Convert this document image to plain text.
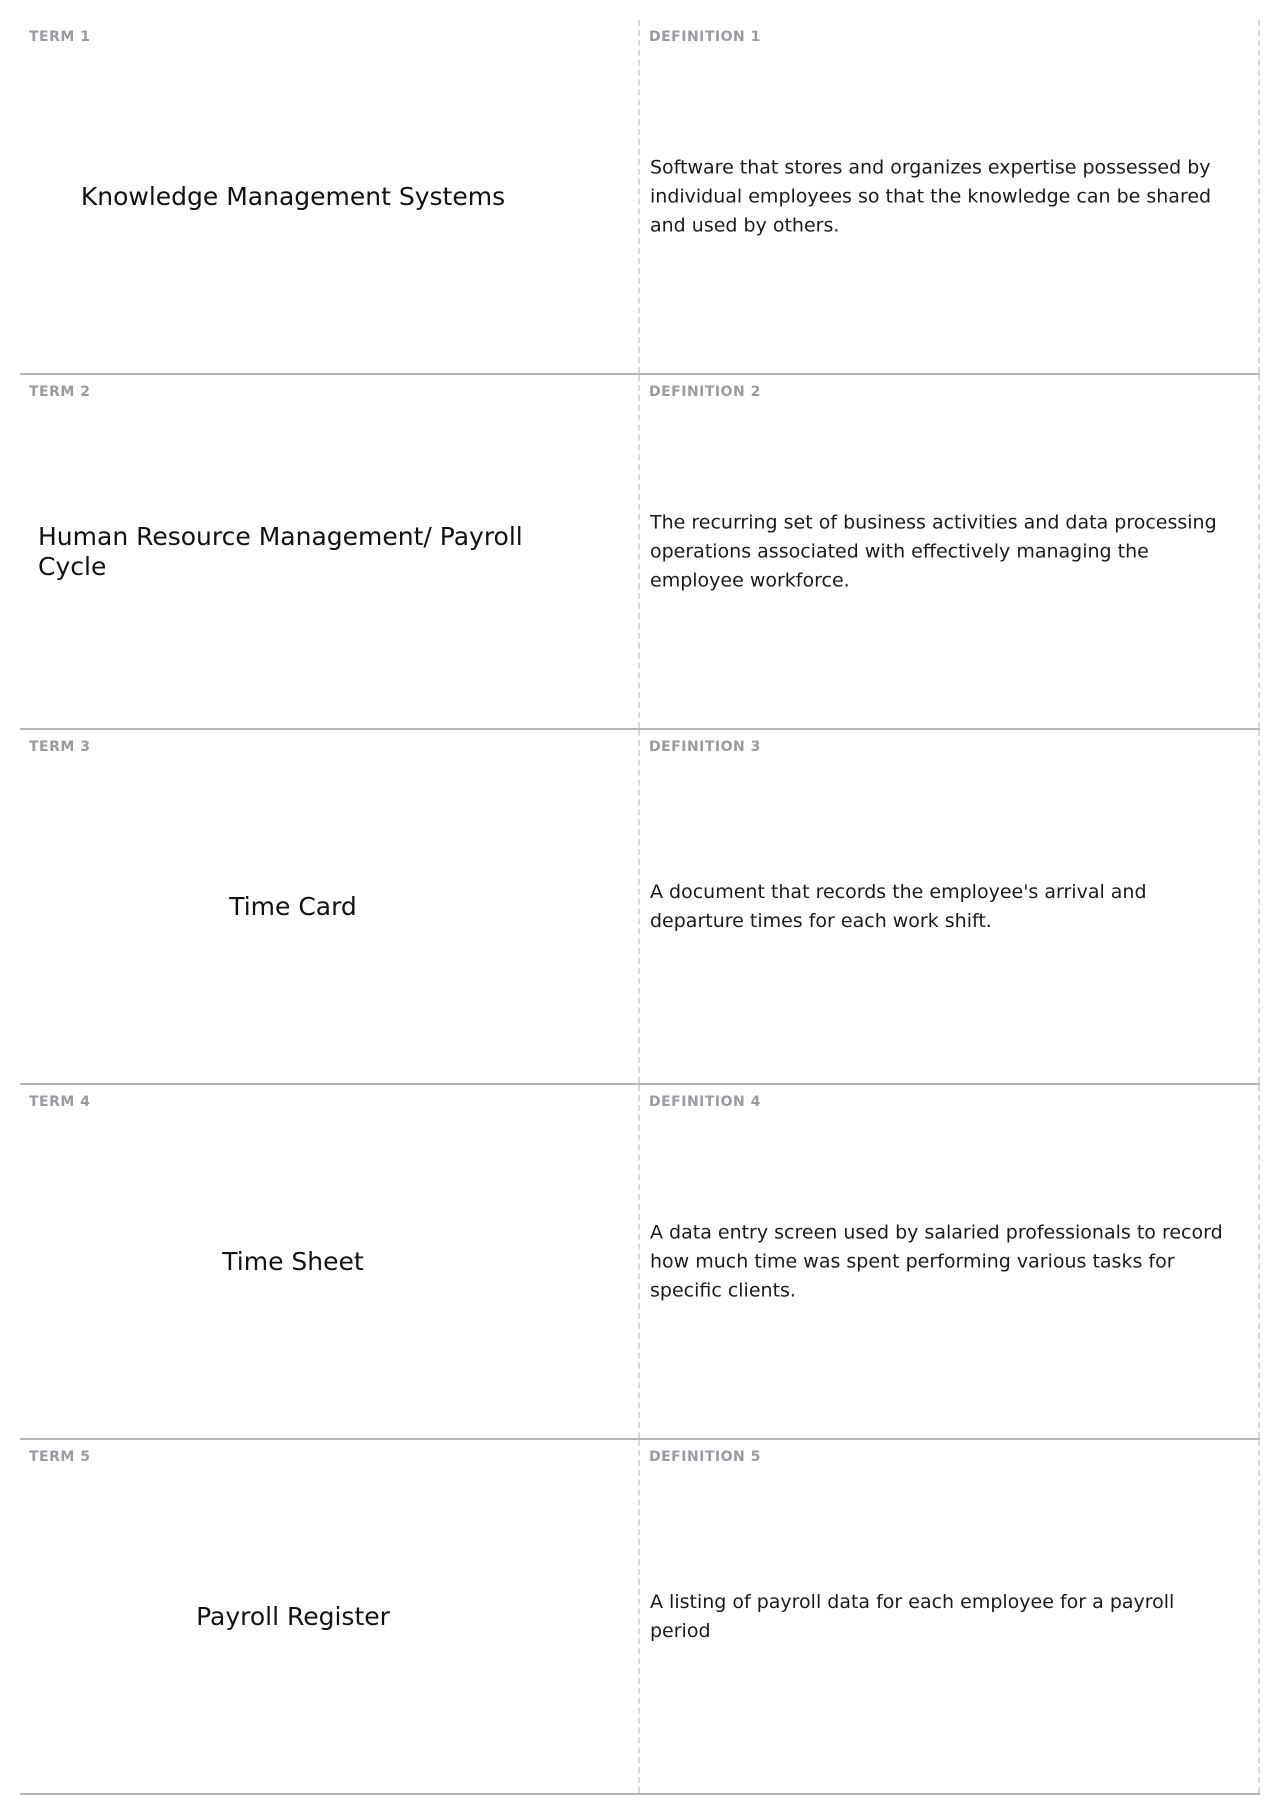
TERM 1
Knowledge Management Systems
DEFINITION 1
Software that stores and organizes expertise possessed by individual employees so that the knowledge can be shared and used by others.
TERM 2
Human Resource Management/ Payroll Cycle
DEFINITION 2
The recurring set of business activities and data processing operations associated with effectively managing the employee workforce.
TERM 3
Time Card
DEFINITION 3
A document that records the employee's arrival and departure times for each work shift.
TERM 4
Time Sheet
DEFINITION 4
A data entry screen used by salaried professionals to record how much time was spent performing various tasks for specific clients.
TERM 5
Payroll Register
DEFINITION 5
A listing of payroll data for each employee for a payroll period
